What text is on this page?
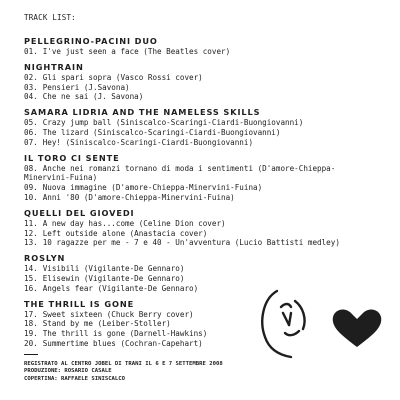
TRACK LIST:
PELLEGRINO-PACINI DUO
01. I've just seen a face (The Beatles cover)
NIGHTRAIN
02. Gli spari sopra (Vasco Rossi cover)
03. Pensieri (J.Savona)
04. Che ne sai (J. Savona)
SAMARA LIDRIA AND THE NAMELESS SKILLS
05. Crazy jump ball (Siniscalco-Scaringi-Ciardi-Buongiovanni)
06. The lizard (Siniscalco-Scaringi-Ciardi-Buongiovanni)
07. Hey! (Siniscalco-Scaringi-Ciardi-Buongiovanni)
IL TORO CI SENTE
08. Anche nei romanzi tornano di moda i sentimenti (D'amore-Chieppa-
Minervini-Fuina)
09. Nuova immagine (D'amore-Chieppa-Minervini-Fuina)
10. Anni '80 (D'amore-Chieppa-Minervini-Fuina)
QUELLI DEL GIOVEDI
11. A new day has...come (Celine Dion cover)
12. Left outside alone (Anastacia cover)
13. 10 ragazze per me - 7 e 40 - Un'avventura (Lucio Battisti medley)
ROSLYN
14. Visibili (Vigilante-De Gennaro)
15. Elisewin (Vigilante-De Gennaro)
16. Angels fear (Vigilante-De Gennaro)
THE THRILL IS GONE
17. Sweet sixteen (Chuck Berry cover)
18. Stand by me (Leiber-Stoller)
19. The thrill is gone (Darnell-Hawkins)
20. Summertime blues (Cochran-Capehart)
REGISTRATO AL CENTRO JOBEL DI TRANI IL 6 E 7 SETTEMBRE 2008
PRODUZIONE: ROSARIO CASALE
COPERTINA: RAFFAELE SINISCALCO
